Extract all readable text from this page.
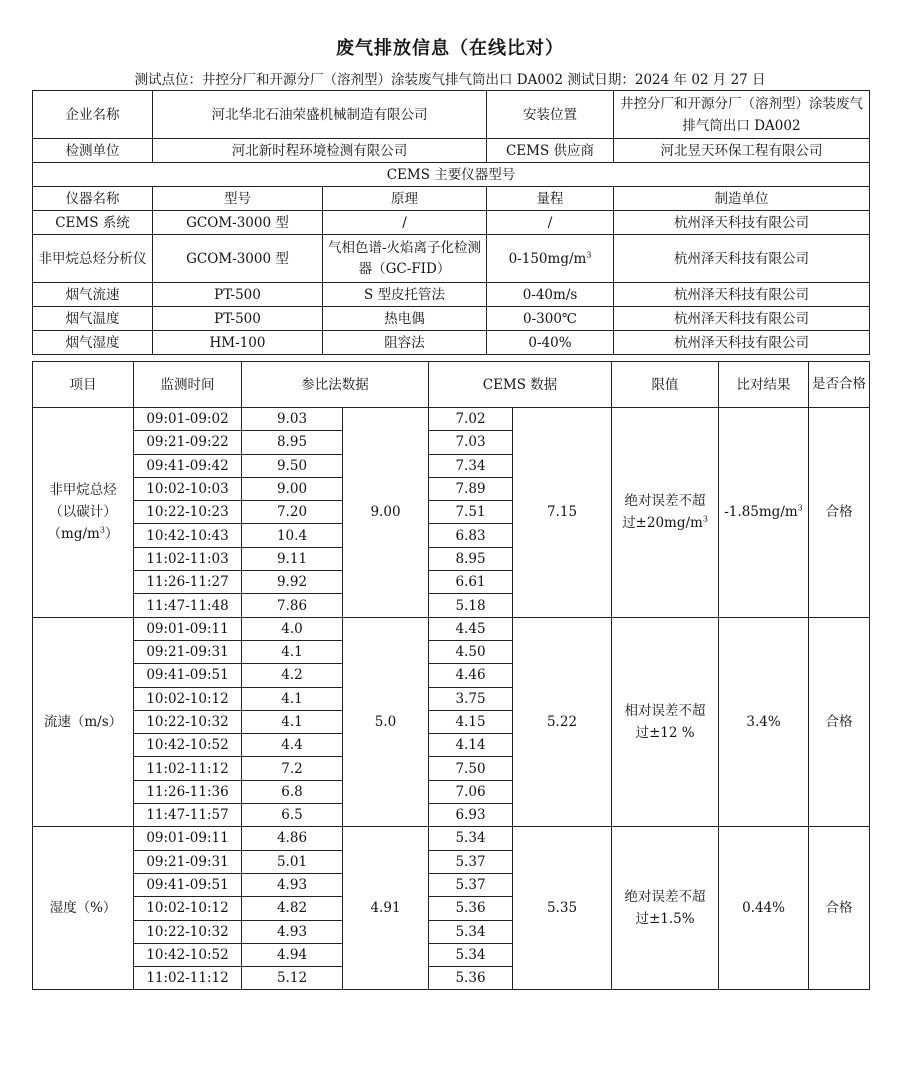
废气排放信息（在线比对）
测试点位：井控分厂和开源分厂（溶剂型）涂装废气排气筒出口 DA002 测试日期：2024 年 02 月 27 日
企业名称	河北华北石油荣盛机械制造有限公司		安装位置	井控分厂和开源分厂（溶剂型）涂装废气排气筒出口 DA002
检测单位	河北新时程环境检测有限公司		CEMS 供应商	河北昱天环保工程有限公司
CEMS 主要仪器型号				
仪器名称	型号	原理	量程	制造单位
CEMS 系统	GCOM-3000 型	/	/	杭州泽天科技有限公司
非甲烷总烃分析仪	GCOM-3000 型	气相色谱-火焰离子化检测器（GC-FID）	$0-150mg/m^3$	杭州泽天科技有限公司
烟气流速	PT-500	S 型皮托管法	0-40m/s	杭州泽天科技有限公司
烟气温度	PT-500	热电偶	0-300℃	杭州泽天科技有限公司
烟气湿度	HM-100	阻容法	0-40%	杭州泽天科技有限公司
项目	监测时间	参比法数据		CEMS 数据		限值	比对结果	是否合格
非甲烷总烃（以碳计）$(mg/m^3)$	09:01-09:02	9.03	9.00	7.02	7.15	绝对误差不超过$\pm 20mg/m^3$	$-1.85mg/m^3$	合格
	09:21-09:22	8.95		7.03				
	09:41-09:42	9.50		7.34				
	10:02-10:03	9.00		7.89				
	10:22-10:23	7.20		7.51				
	10:42-10:43	10.4		6.83				
	11:02-11:03	9.11		8.95				
	11:26-11:27	9.92		6.61				
	11:47-11:48	7.86		5.18				
流速（m/s）	09:01-09:11	4.0	5.0	4.45	5.22	相对误差不超过±12 %	3.4%	合格
	09:21-09:31	4.1		4.50				
	09:41-09:51	4.2		4.46				
	10:02-10:12	4.1		3.75				
	10:22-10:32	4.1		4.15				
	10:42-10:52	4.4		4.14				
	11:02-11:12	7.2		7.50				
	11:26-11:36	6.8		7.06				
	11:47-11:57	6.5		6.93				
湿度（%）	09:01-09:11	4.86	4.91	5.34	5.35	绝对误差不超过±1.5%	0.44%	合格
	09:21-09:31	5.01		5.37				
	09:41-09:51	4.93		5.37				
	10:02-10:12	4.82		5.36				
	10:22-10:32	4.93		5.34				
	10:42-10:52	4.94		5.34				
	11:02-11:12	5.12		5.36				
